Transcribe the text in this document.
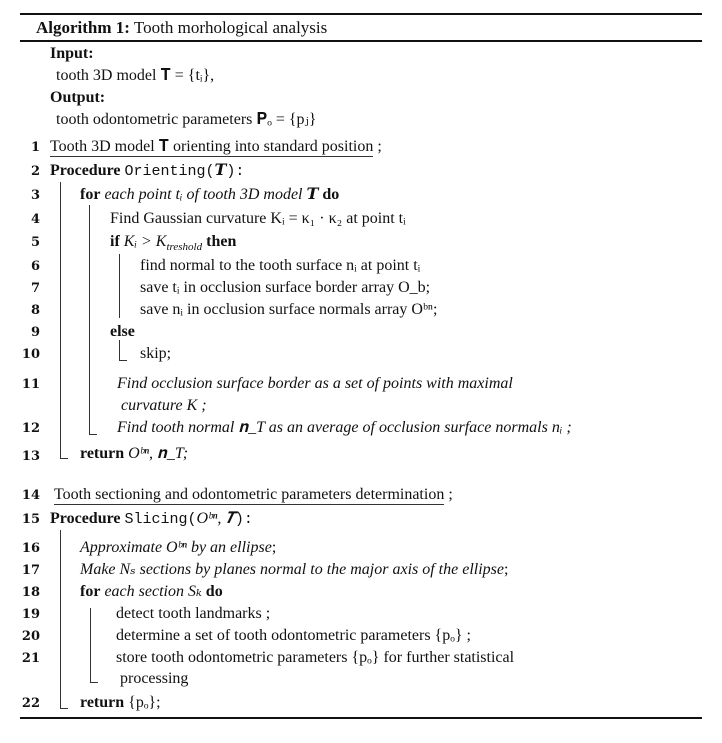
Algorithm 1: Tooth morhological analysis
Input:
tooth 3D model 𝐓 = {tᵢ},
Output:
tooth odontometric parameters 𝐏ₒ = {pⱼ}
1 Tooth 3D model 𝐓 orienting into standard position ;
2 Procedure Orienting(𝑻):
3	for each point tᵢ of tooth 3D model 𝑻 do
4	Find Gaussian curvature Kᵢ = κ₁ · κ₂ at point tᵢ
5	if Kᵢ > $K_{treshold}$ then
6	find normal to the tooth surface nᵢ at point tᵢ
7	save tᵢ in occlusion surface border array O_b;
8	save nᵢ in occlusion surface normals array Oᵇⁿ;
9	else
10	skip;
11	Find occlusion surface border as a set of points with maximal
curvature K ;
12	Find tooth normal 𝐧_T as an average of occlusion surface normals nᵢ ;
13	return Oᵇⁿ, 𝐧_T;
14 Tooth sectioning and odontometric parameters determination ;
15 Procedure Slicing(Oᵇⁿ, 𝑻):
16	Approximate Oᵇⁿ by an ellipse;
17	Make Nₛ sections by planes normal to the major axis of the ellipse;
18	for each section Sₖ do
19	detect tooth landmarks ;
20	determine a set of tooth odontometric parameters {pₒ} ;
21	store tooth odontometric parameters {pₒ} for further statistical
processing
22	return {pₒ};
